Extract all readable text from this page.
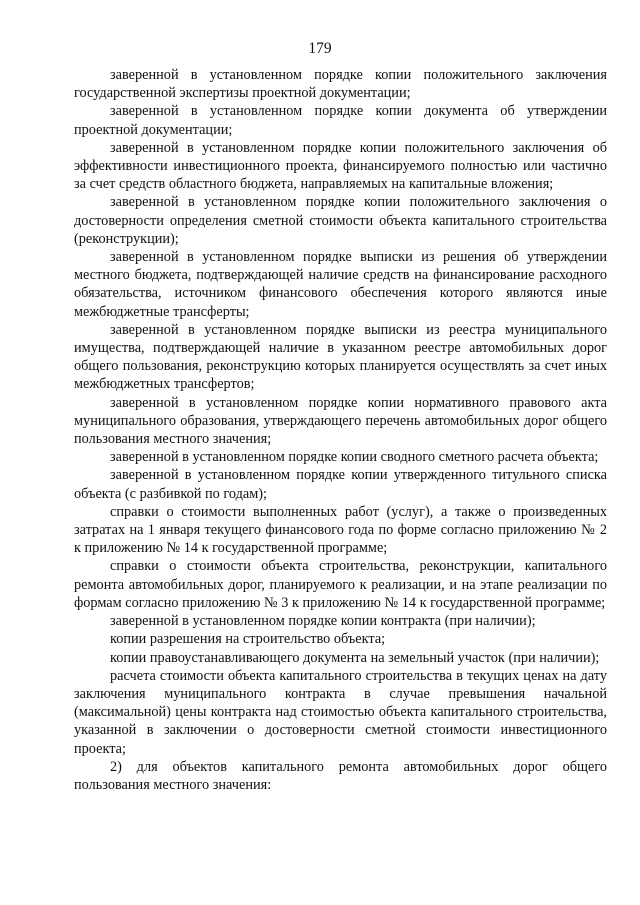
179

заверенной в установленном порядке копии положительного заключения государственной экспертизы проектной документации;

заверенной в установленном порядке копии документа об утверждении проектной документации;

заверенной в установленном порядке копии положительного заключения об эффективности инвестиционного проекта, финансируемого полностью или частично за счет средств областного бюджета, направляемых на капитальные вложения;

заверенной в установленном порядке копии положительного заключения о достоверности определения сметной стоимости объекта капитального строительства (реконструкции);

заверенной в установленном порядке выписки из решения об утверждении местного бюджета, подтверждающей наличие средств на финансирование расходного обязательства, источником финансового обеспечения которого являются иные межбюджетные трансферты;

заверенной в установленном порядке выписки из реестра муниципального имущества, подтверждающей наличие в указанном реестре автомобильных дорог общего пользования, реконструкцию которых планируется осуществлять за счет иных межбюджетных трансфертов;

заверенной в установленном порядке копии нормативного правового акта муниципального образования, утверждающего перечень автомобильных дорог общего пользования местного значения;

заверенной в установленном порядке копии сводного сметного расчета объекта;

заверенной в установленном порядке копии утвержденного титульного списка объекта (с разбивкой по годам);

справки о стоимости выполненных работ (услуг), а также о произведенных затратах на 1 января текущего финансового года по форме согласно приложению № 2 к приложению № 14 к государственной программе;

справки о стоимости объекта строительства, реконструкции, капитального ремонта автомобильных дорог, планируемого к реализации, и на этапе реализации по формам согласно приложению № 3 к приложению № 14 к государственной программе;

заверенной в установленном порядке копии контракта (при наличии);

копии разрешения на строительство объекта;

копии правоустанавливающего документа на земельный участок (при наличии);

расчета стоимости объекта капитального строительства в текущих ценах на дату заключения муниципального контракта в случае превышения начальной (максимальной) цены контракта над стоимостью объекта капитального строительства, указанной в заключении о достоверности сметной стоимости инвестиционного проекта;

2) для объектов капитального ремонта автомобильных дорог общего пользования местного значения:
